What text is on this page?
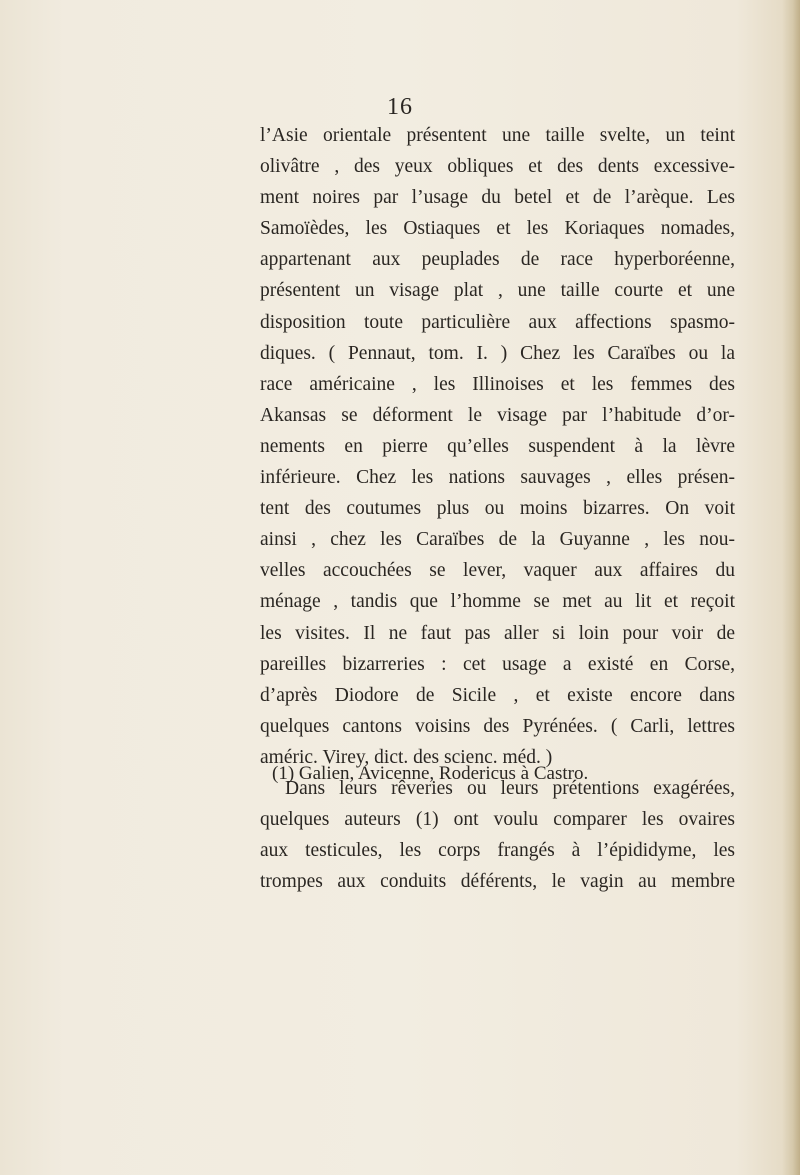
16
l’Asie orientale présentent une taille svelte, un teint
olivâtre , des yeux obliques et des dents excessive-
ment noires par l’usage du betel et de l’arèque. Les
Samoïèdes, les Ostiaques et les Koriaques nomades,
appartenant aux peuplades de race hyperboréenne,
présentent un visage plat , une taille courte et une
disposition toute particulière aux affections spasmo-
diques. ( Pennaut, tom. I. ) Chez les Caraïbes ou la
race américaine , les Illinoises et les femmes des
Akansas se déforment le visage par l’habitude d’or-
nements en pierre qu’elles suspendent à la lèvre
inférieure. Chez les nations sauvages , elles présen-
tent des coutumes plus ou moins bizarres. On voit
ainsi , chez les Caraïbes de la Guyanne , les nou-
velles accouchées se lever, vaquer aux affaires du
ménage , tandis que l’homme se met au lit et reçoit
les visites. Il ne faut pas aller si loin pour voir de
pareilles bizarreries : cet usage a existé en Corse,
d’après Diodore de Sicile , et existe encore dans
quelques cantons voisins des Pyrénées. ( Carli, lettres
améric. Virey, dict. des scienc. méd. )
Dans leurs rêveries ou leurs prétentions exagérées,
quelques auteurs (1) ont voulu comparer les ovaires
aux testicules, les corps frangés à l’épididyme, les
trompes aux conduits déférents, le vagin au membre
(1) Galien, Avicenne, Rodericus à Castro.
